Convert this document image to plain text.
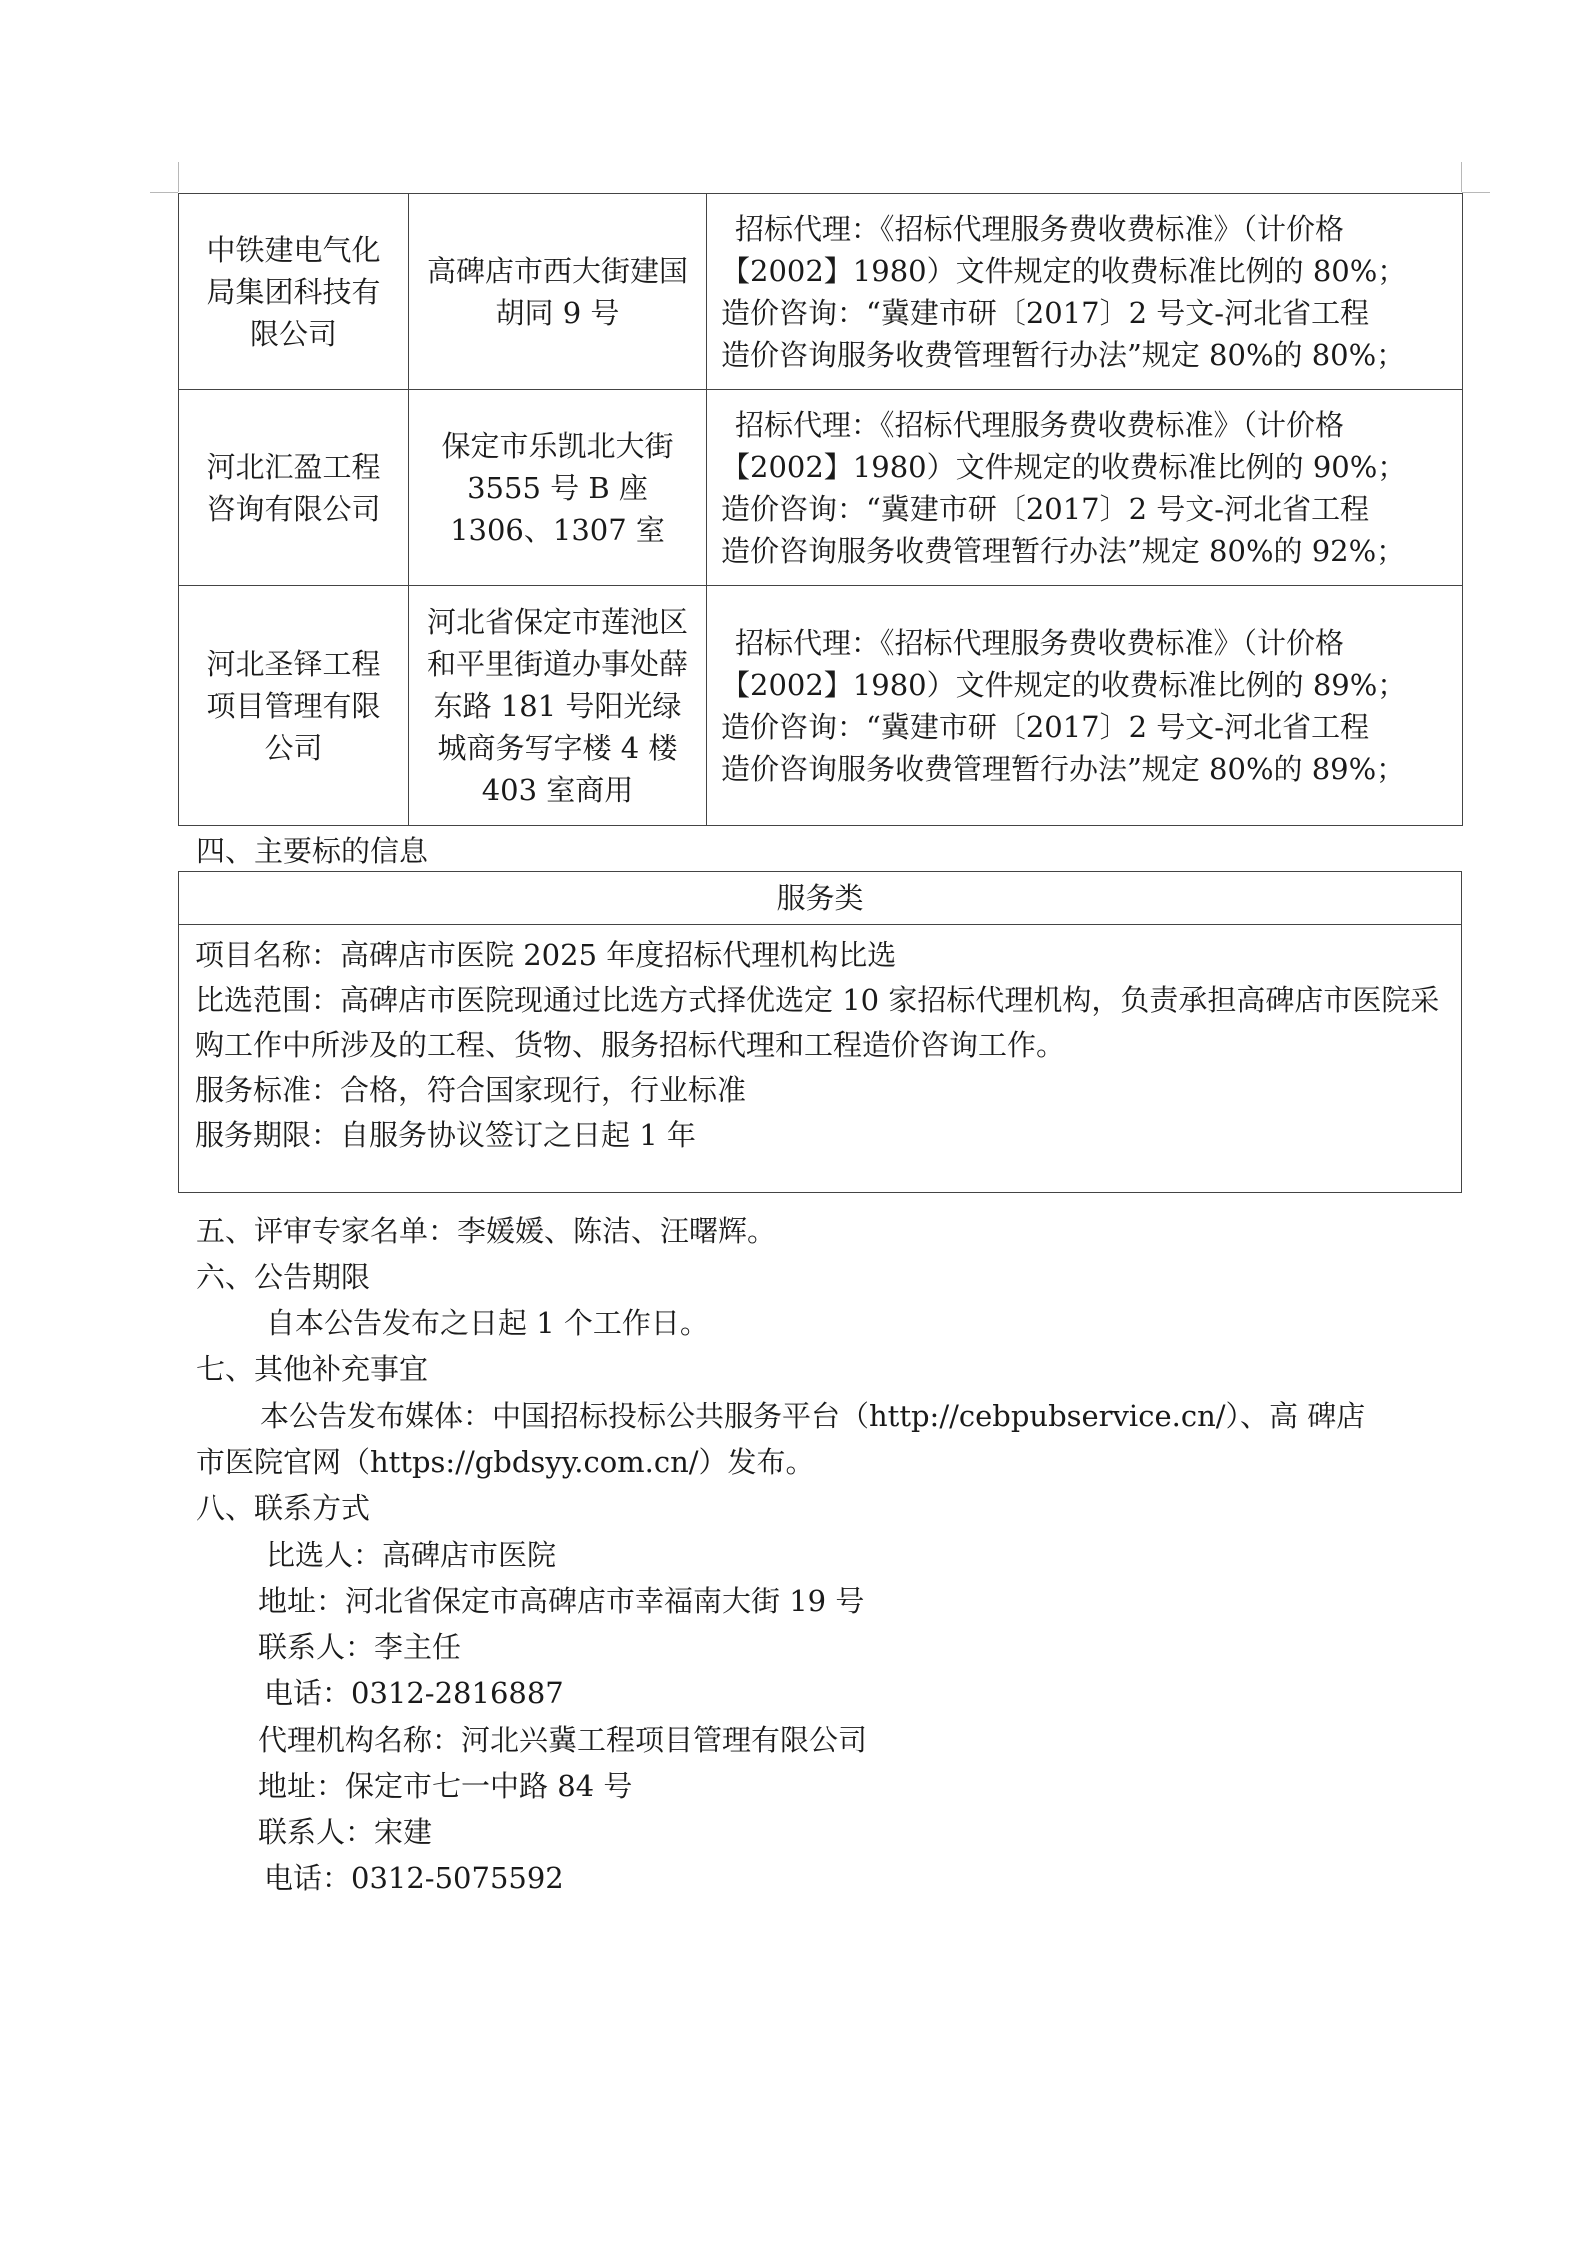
中铁建电气化局集团科技有限公司	高碑店市西大街建国胡同 9 号	招标代理：《招标代理服务费收费标准》（计价格
【2002】1980）文件规定的收费标准比例的 80%；
造价咨询：“冀建市研〔2017〕2 号文-河北省工程
造价咨询服务收费管理暂行办法”规定 80%的 80%；

河北汇盈工程咨询有限公司	保定市乐凯北大街 3555 号 B 座 1306、1307 室	招标代理：《招标代理服务费收费标准》（计价格
【2002】1980）文件规定的收费标准比例的 90%；
造价咨询：“冀建市研〔2017〕2 号文-河北省工程
造价咨询服务收费管理暂行办法”规定 80%的 92%；

河北圣铎工程项目管理有限公司	河北省保定市莲池区和平里街道办事处薛东路 181 号阳光绿城商务写字楼 4 楼 403 室商用	招标代理：《招标代理服务费收费标准》（计价格
【2002】1980）文件规定的收费标准比例的 89%；
造价咨询：“冀建市研〔2017〕2 号文-河北省工程
造价咨询服务收费管理暂行办法”规定 80%的 89%；
四、主要标的信息
服务类
项目名称：高碑店市医院 2025 年度招标代理机构比选
比选范围：高碑店市医院现通过比选方式择优选定 10 家招标代理机构，负责承担高碑店市医院采购工作中所涉及的工程、货物、服务招标代理和工程造价咨询工作。
服务标准：合格，符合国家现行，行业标准
服务期限：自服务协议签订之日起 1 年
五、评审专家名单：李媛媛、陈洁、汪曙辉。
六、公告期限
自本公告发布之日起 1 个工作日。
七、其他补充事宜
本公告发布媒体：中国招标投标公共服务平台（http://cebpubservice.cn/）、高 碑店
市医院官网（https://gbdsyy.com.cn/）发布。
八、联系方式
比选人：高碑店市医院
地址：河北省保定市高碑店市幸福南大街 19 号
联系人：李主任
电话：0312-2816887
代理机构名称：河北兴冀工程项目管理有限公司
地址：保定市七一中路 84 号
联系人：宋建
电话：0312-5075592
